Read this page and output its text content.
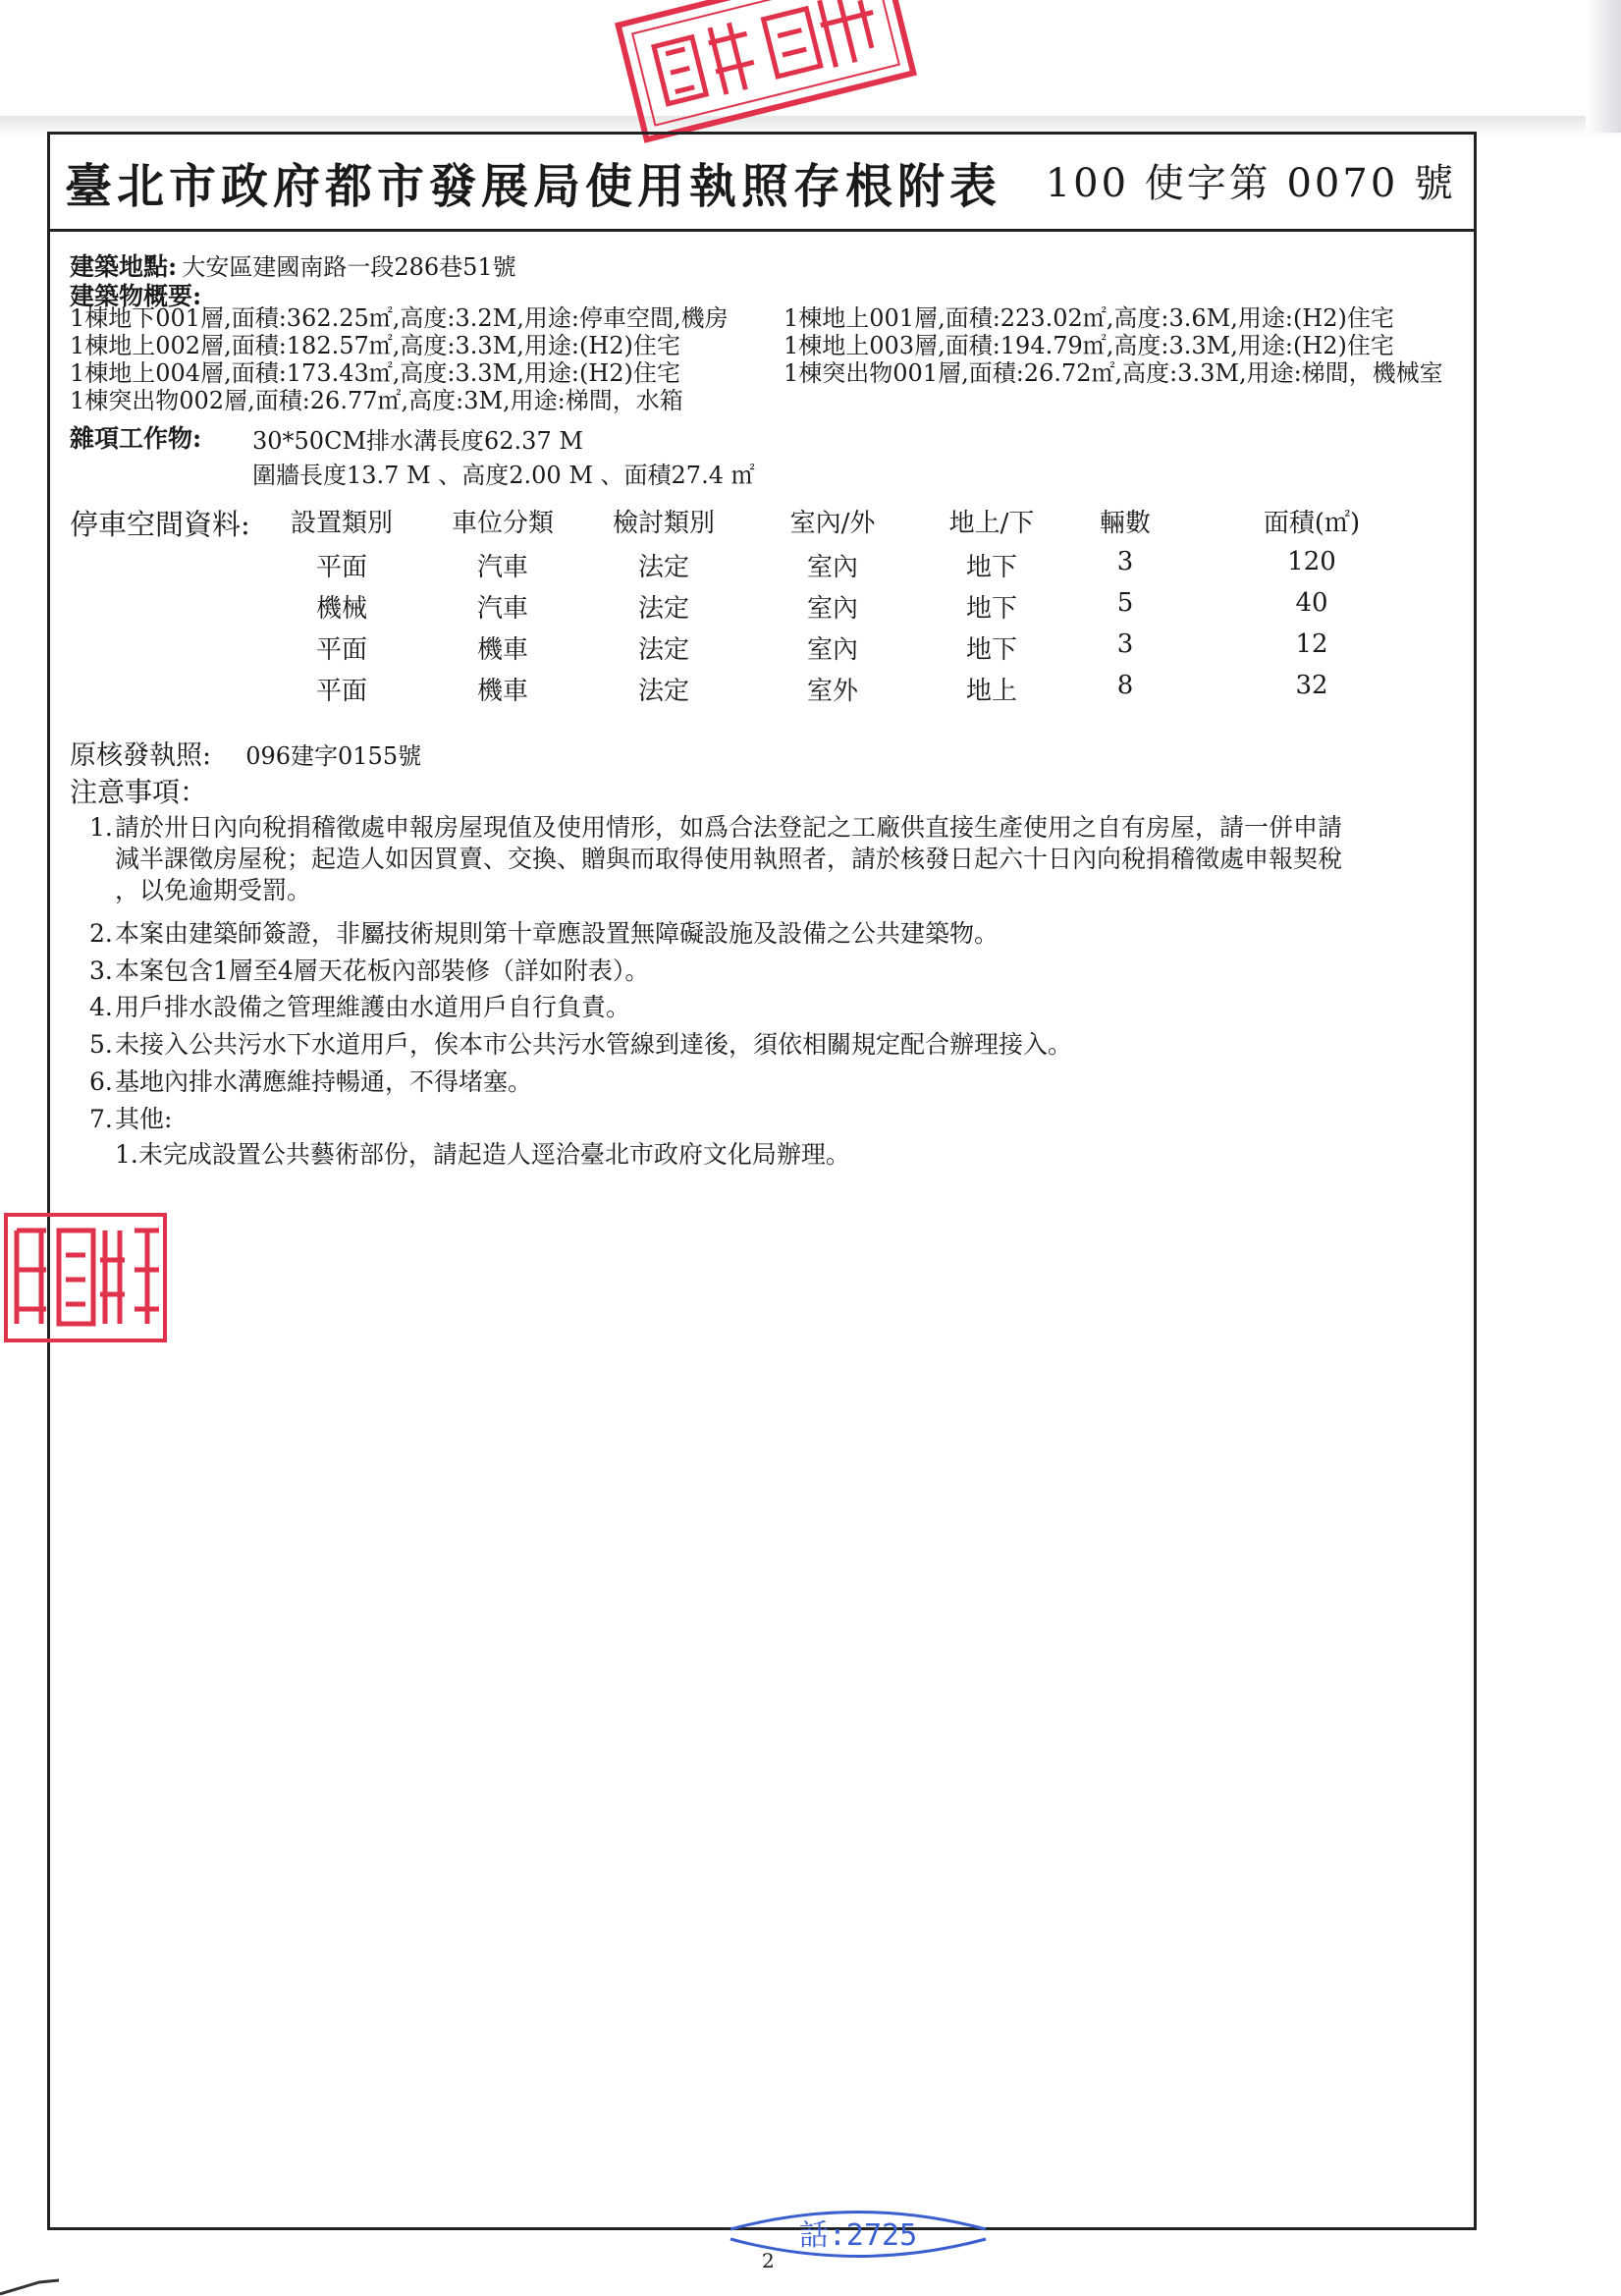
臺北市政府都市發展局使用執照存根附表 100 使字第 0070 號
建築地點: 大安區建國南路一段286巷51號
建築物概要:
1棟地下001層,面積:362.25㎡,高度:3.2M,用途:停車空間,機房
1棟地上002層,面積:182.57㎡,高度:3.3M,用途:(H2)住宅
1棟地上004層,面積:173.43㎡,高度:3.3M,用途:(H2)住宅
1棟突出物002層,面積:26.77㎡,高度:3M,用途:梯間，水箱
1棟地上001層,面積:223.02㎡,高度:3.6M,用途:(H2)住宅
1棟地上003層,面積:194.79㎡,高度:3.3M,用途:(H2)住宅
1棟突出物001層,面積:26.72㎡,高度:3.3M,用途:梯間，機械室
雜項工作物: 30*50CM排水溝長度62.37 M
圍牆長度13.7 M 、高度2.00 M 、面積27.4 ㎡
停車空間資料:	設置類別	車位分類	檢討類別	室內/外	地上/下	輛數	面積(㎡)
平面	汽車	法定	室內	地下	3	120
機械	汽車	法定	室內	地下	5	40
平面	機車	法定	室內	地下	3	12
平面	機車	法定	室外	地上	8	32
原核發執照: 096建字0155號
注意事項：
1.請於卅日內向稅捐稽徵處申報房屋現值及使用情形，如爲合法登記之工廠供直接生產使用之自有房屋，請一併申請
減半課徵房屋稅；起造人如因買賣、交換、贈與而取得使用執照者，請於核發日起六十日內向稅捐稽徵處申報契稅
，以免逾期受罰。
2.本案由建築師簽證，非屬技術規則第十章應設置無障礙設施及設備之公共建築物。
3.本案包含1層至4層天花板內部裝修（詳如附表）。
4.用戶排水設備之管理維護由水道用戶自行負責。
5.未接入公共污水下水道用戶，俟本市公共污水管線到達後，須依相關規定配合辦理接入。
6.基地內排水溝應維持暢通，不得堵塞。
7.其他:
1.未完成設置公共藝術部份，請起造人逕洽臺北市政府文化局辦理。
話:2725
2
